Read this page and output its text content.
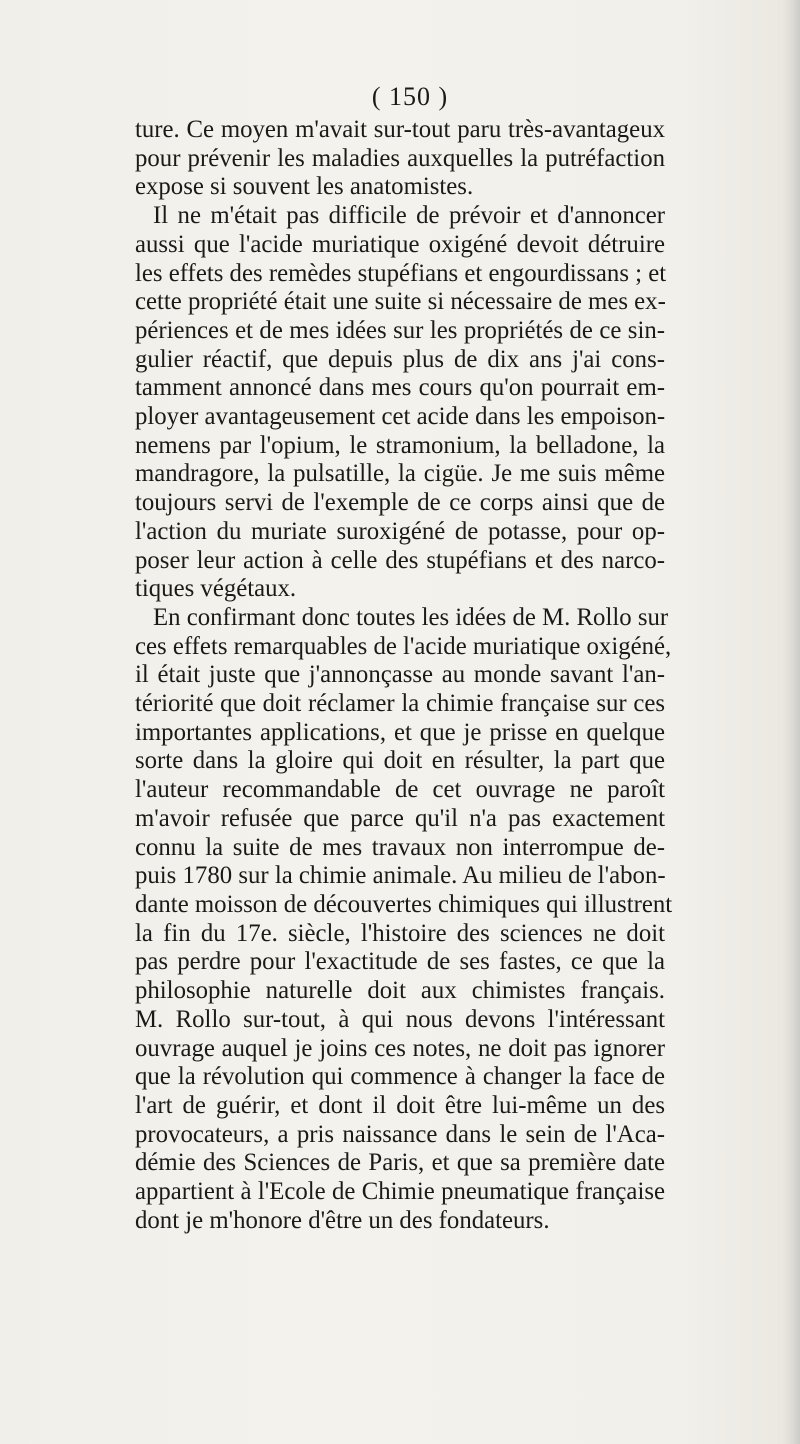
( 150 )

ture. Ce moyen m'avait sur-tout paru très-avantageux
pour prévenir les maladies auxquelles la putréfaction
expose si souvent les anatomistes.

Il ne m'était pas difficile de prévoir et d'annoncer
aussi que l'acide muriatique oxigéné devoit détruire
les effets des remèdes stupéfians et engourdissans ; et
cette propriété était une suite si nécessaire de mes ex-
périences et de mes idées sur les propriétés de ce sin-
gulier réactif, que depuis plus de dix ans j'ai cons-
tamment annoncé dans mes cours qu'on pourrait em-
ployer avantageusement cet acide dans les empoison-
nemens par l'opium, le stramonium, la belladone, la
mandragore, la pulsatille, la cigüe. Je me suis même
toujours servi de l'exemple de ce corps ainsi que de
l'action du muriate suroxigéné de potasse, pour op-
poser leur action à celle des stupéfians et des narco-
tiques végétaux.

En confirmant donc toutes les idées de M. Rollo sur
ces effets remarquables de l'acide muriatique oxigéné,
il était juste que j'annonçasse au monde savant l'an-
tériorité que doit réclamer la chimie française sur ces
importantes applications, et que je prisse en quelque
sorte dans la gloire qui doit en résulter, la part que
l'auteur recommandable de cet ouvrage ne paroît
m'avoir refusée que parce qu'il n'a pas exactement
connu la suite de mes travaux non interrompue de-
puis 1780 sur la chimie animale. Au milieu de l'abon-
dante moisson de découvertes chimiques qui illustrent
la fin du 17e. siècle, l'histoire des sciences ne doit
pas perdre pour l'exactitude de ses fastes, ce que la
philosophie naturelle doit aux chimistes français.
M. Rollo sur-tout, à qui nous devons l'intéressant
ouvrage auquel je joins ces notes, ne doit pas ignorer
que la révolution qui commence à changer la face de
l'art de guérir, et dont il doit être lui-même un des
provocateurs, a pris naissance dans le sein de l'Aca-
démie des Sciences de Paris, et que sa première date
appartient à l'Ecole de Chimie pneumatique française
dont je m'honore d'être un des fondateurs.
